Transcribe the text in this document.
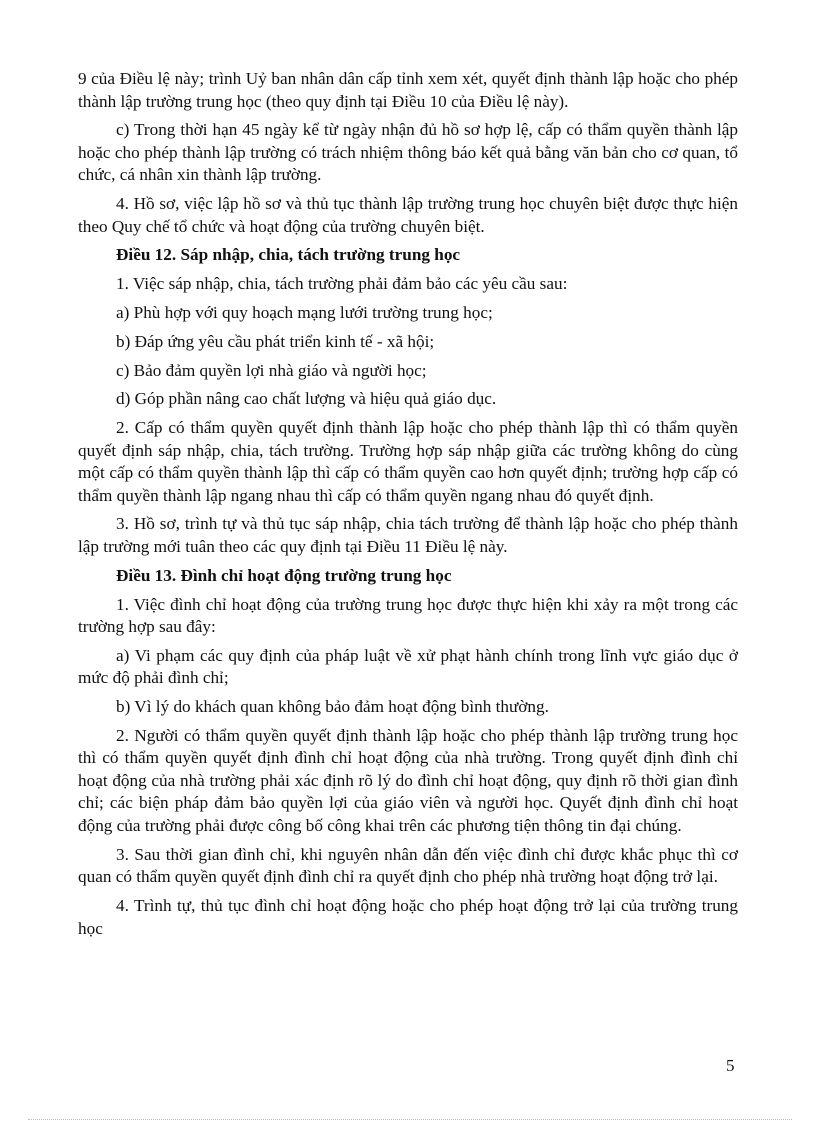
9 của Điều lệ này; trình Uỷ ban nhân dân cấp tỉnh xem xét, quyết định thành lập hoặc cho phép thành lập trường trung học (theo quy định tại Điều 10 của Điều lệ này).

c) Trong thời hạn 45 ngày kể từ ngày nhận đủ hồ sơ hợp lệ, cấp có thẩm quyền thành lập hoặc cho phép thành lập trường có trách nhiệm thông báo kết quả bằng văn bản cho cơ quan, tổ chức, cá nhân xin thành lập trường.

4. Hồ sơ, việc lập hồ sơ và thủ tục thành lập trường trung học chuyên biệt được thực hiện theo Quy chế tổ chức và hoạt động của trường chuyên biệt.

Điều 12. Sáp nhập, chia, tách trường trung học

1. Việc sáp nhập, chia, tách trường phải đảm bảo các yêu cầu sau:

a) Phù hợp với quy hoạch mạng lưới trường trung học;

b) Đáp ứng yêu cầu phát triển kinh tế - xã hội;

c) Bảo đảm quyền lợi nhà giáo và người học;

d) Góp phần nâng cao chất lượng và hiệu quả giáo dục.

2. Cấp có thẩm quyền quyết định thành lập hoặc cho phép thành lập thì có thẩm quyền quyết định sáp nhập, chia, tách trường. Trường hợp sáp nhập giữa các trường không do cùng một cấp có thẩm quyền thành lập thì cấp có thẩm quyền cao hơn quyết định; trường hợp cấp có thẩm quyền thành lập ngang nhau thì cấp có thẩm quyền ngang nhau đó quyết định.

3. Hồ sơ, trình tự và thủ tục sáp nhập, chia tách trường để thành lập hoặc cho phép thành lập trường mới tuân theo các quy định tại Điều 11 Điều lệ này.

Điều 13. Đình chỉ hoạt động trường trung học

1. Việc đình chỉ hoạt động của trường trung học được thực hiện khi xảy ra một trong các trường hợp sau đây:

a) Vi phạm các quy định của pháp luật về xử phạt hành chính trong lĩnh vực giáo dục ở mức độ phải đình chỉ;

b) Vì lý do khách quan không bảo đảm hoạt động bình thường.

2. Người có thẩm quyền quyết định thành lập hoặc cho phép thành lập trường trung học thì có thẩm quyền quyết định đình chỉ hoạt động của nhà trường. Trong quyết định đình chỉ hoạt động của nhà trường phải xác định rõ lý do đình chỉ hoạt động, quy định rõ thời gian đình chỉ; các biện pháp đảm bảo quyền lợi của giáo viên và người học. Quyết định đình chỉ hoạt động của trường phải được công bố công khai trên các phương tiện thông tin đại chúng.

3. Sau thời gian đình chỉ, khi nguyên nhân dẫn đến việc đình chỉ được khắc phục thì cơ quan có thẩm quyền quyết định đình chỉ ra quyết định cho phép nhà trường hoạt động trở lại.

4. Trình tự, thủ tục đình chỉ hoạt động hoặc cho phép hoạt động trở lại của trường trung học

5
